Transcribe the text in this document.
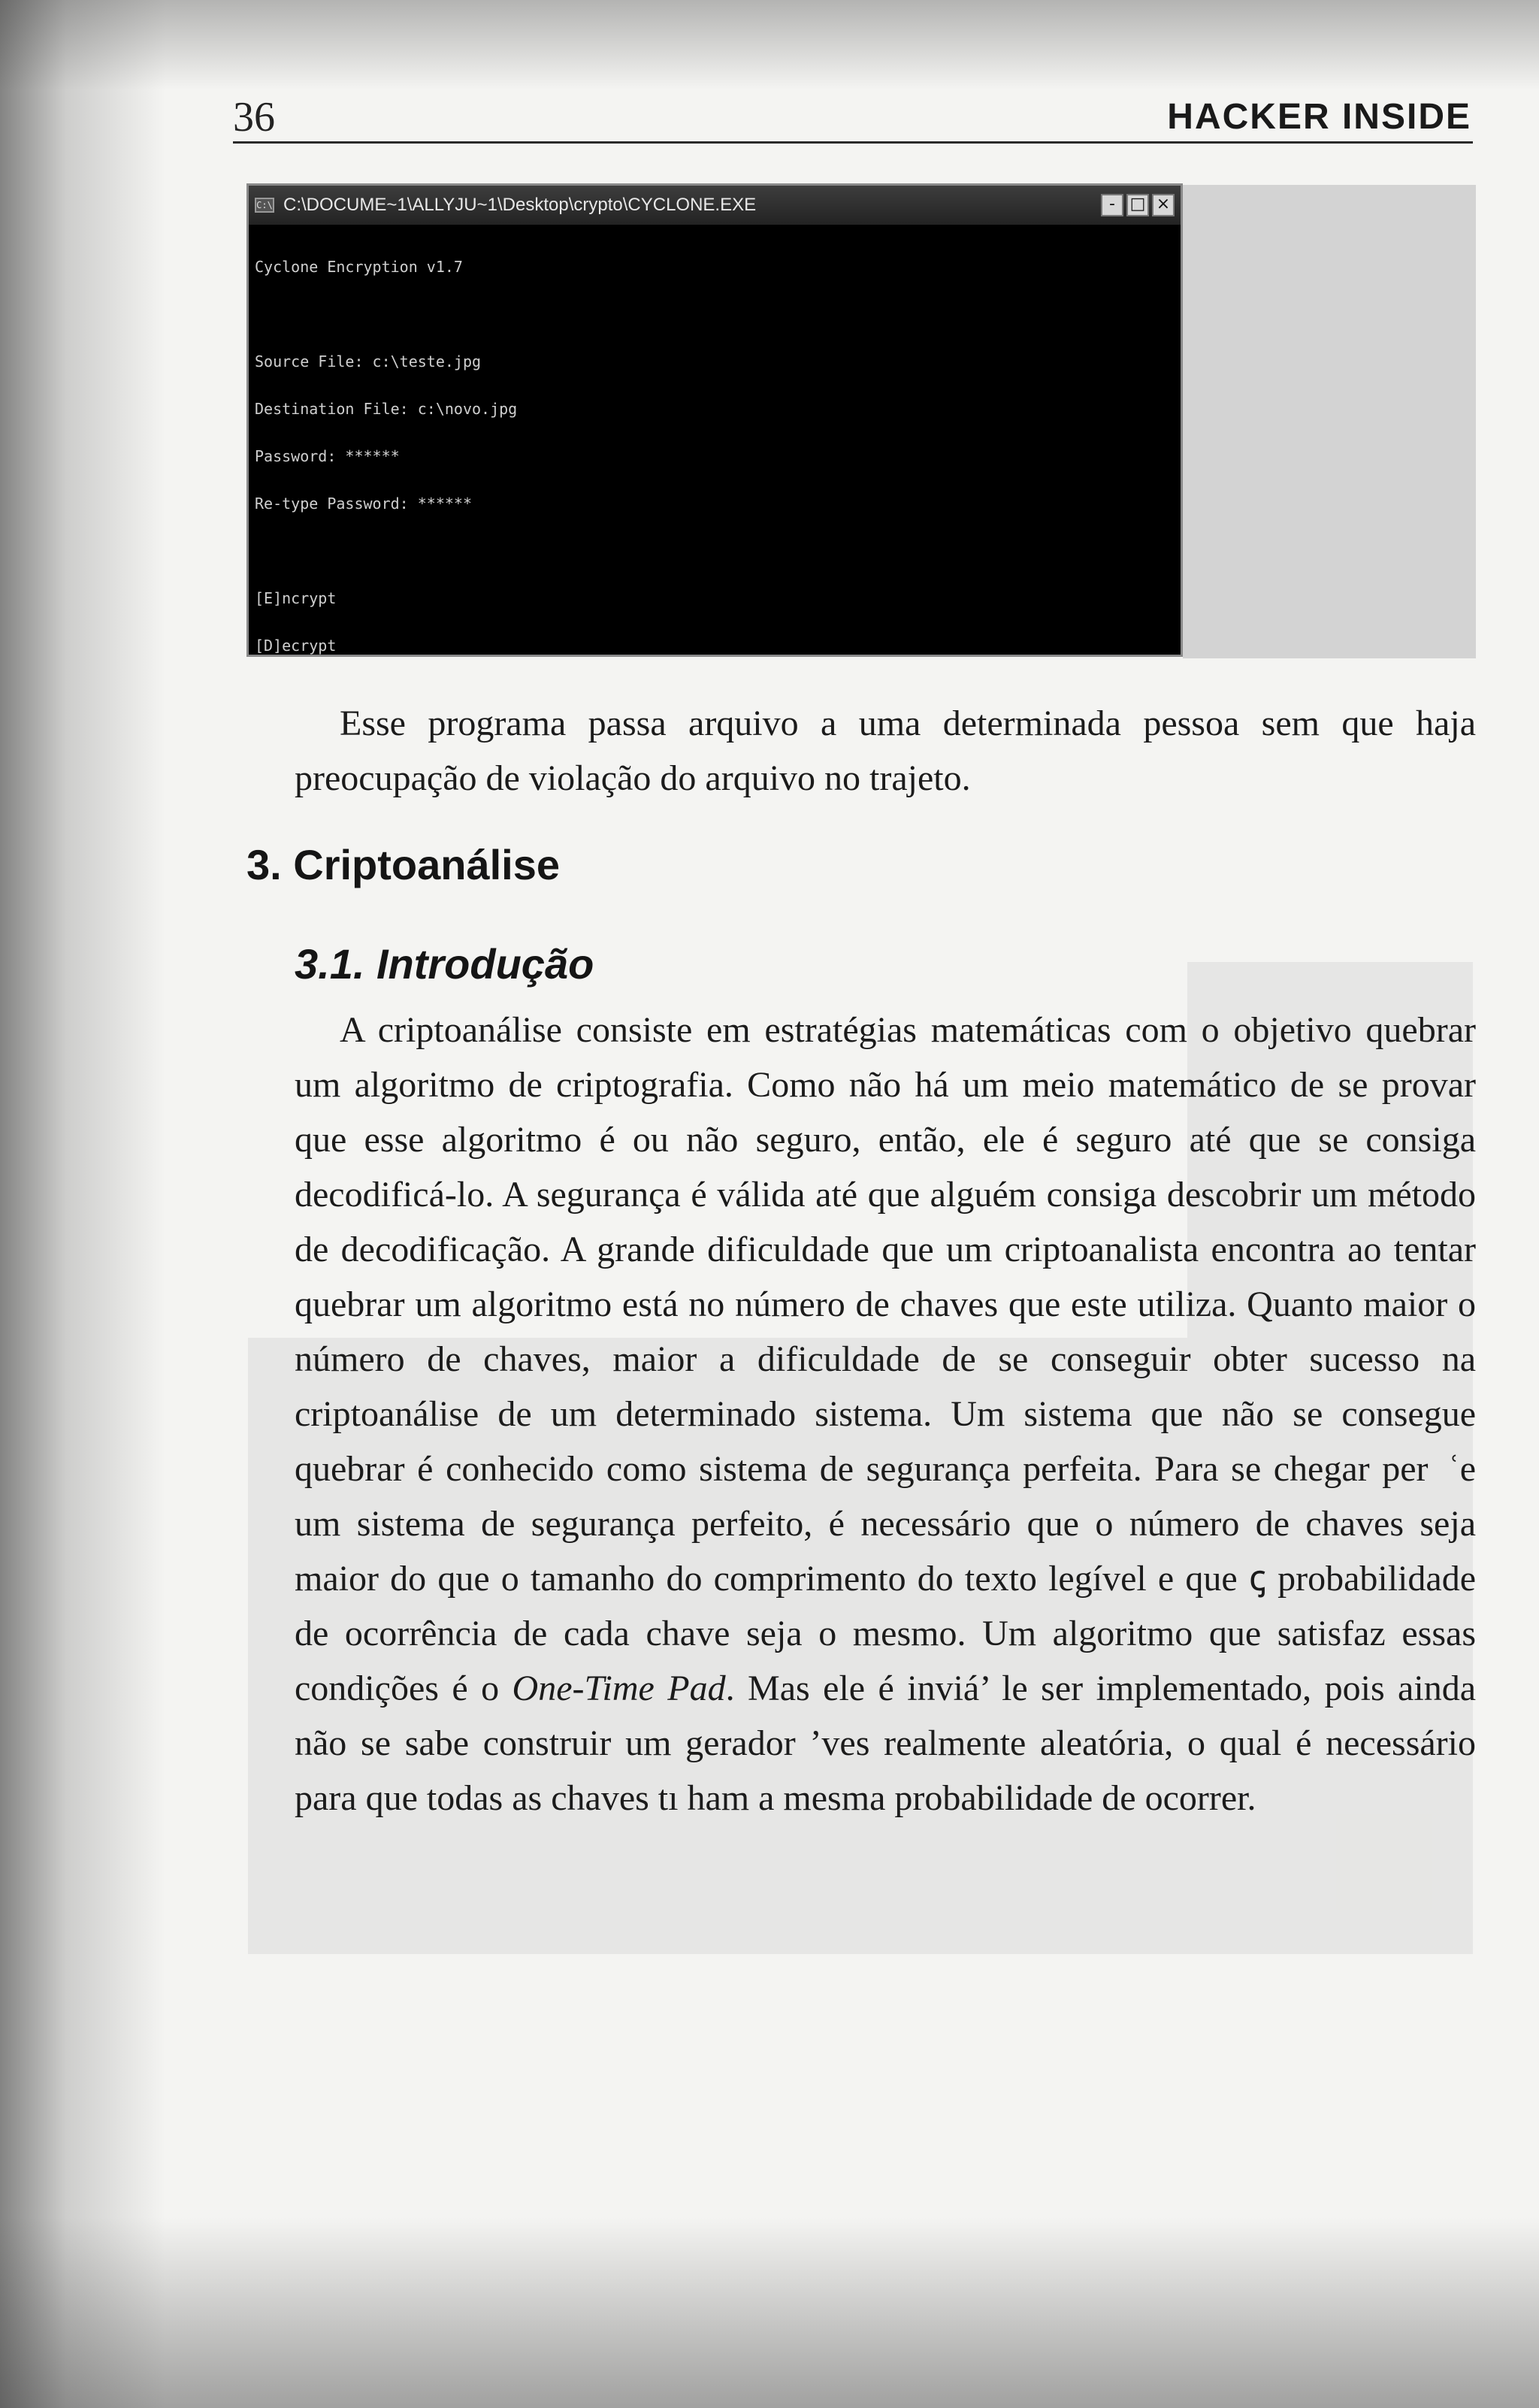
36	HACKER INSIDE
C:\ C:\DOCUME~1\ALLYJU~1\Desktop\crypto\CYCLONE.EXE	- □ ×

Cyclone Encryption v1.7

Source File: c:\teste.jpg

Destination File: c:\novo.jpg

Password: ******

Re-type Password: ******

[E]ncrypt

[D]ecrypt

Esse programa passa arquivo a uma determinada pessoa sem que haja preocupação de violação do arquivo no trajeto.

3. Criptoanálise
3.1. Introdução

A criptoanálise consiste em estratégias matemáticas com o objetivo quebrar um algoritmo de criptografia. Como não há um meio matemático de se provar que esse algoritmo é ou não seguro, então, ele é seguro até que se consiga decodificá-lo. A segurança é válida até que alguém consiga descobrir um método de decodificação. A grande dificuldade que um criptoanalista encontra ao tentar quebrar um algoritmo está no número de chaves que este utiliza. Quanto maior o número de chaves, maior a dificuldade de se conseguir obter sucesso na criptoanálise de um determinado sistema. Um sistema que não se consegue quebrar é conhecido como sistema de segurança perfeita. Para se chegar per  ʿe um sistema de segurança perfeito, é necessário que o número de chaves seja maior do que o tamanho do comprimento do texto legível e que ꞔ probabilidade de ocorrência de cada chave seja o mesmo. Um algoritmo que satisfaz essas condições é o One-Time Pad. Mas ele é inviá’ le ser implementado, pois ainda não se sabe construir um gerador ʼves realmente aleatória, o qual é necessário para que todas as chaves tı ham a mesma probabilidade de ocorrer.
